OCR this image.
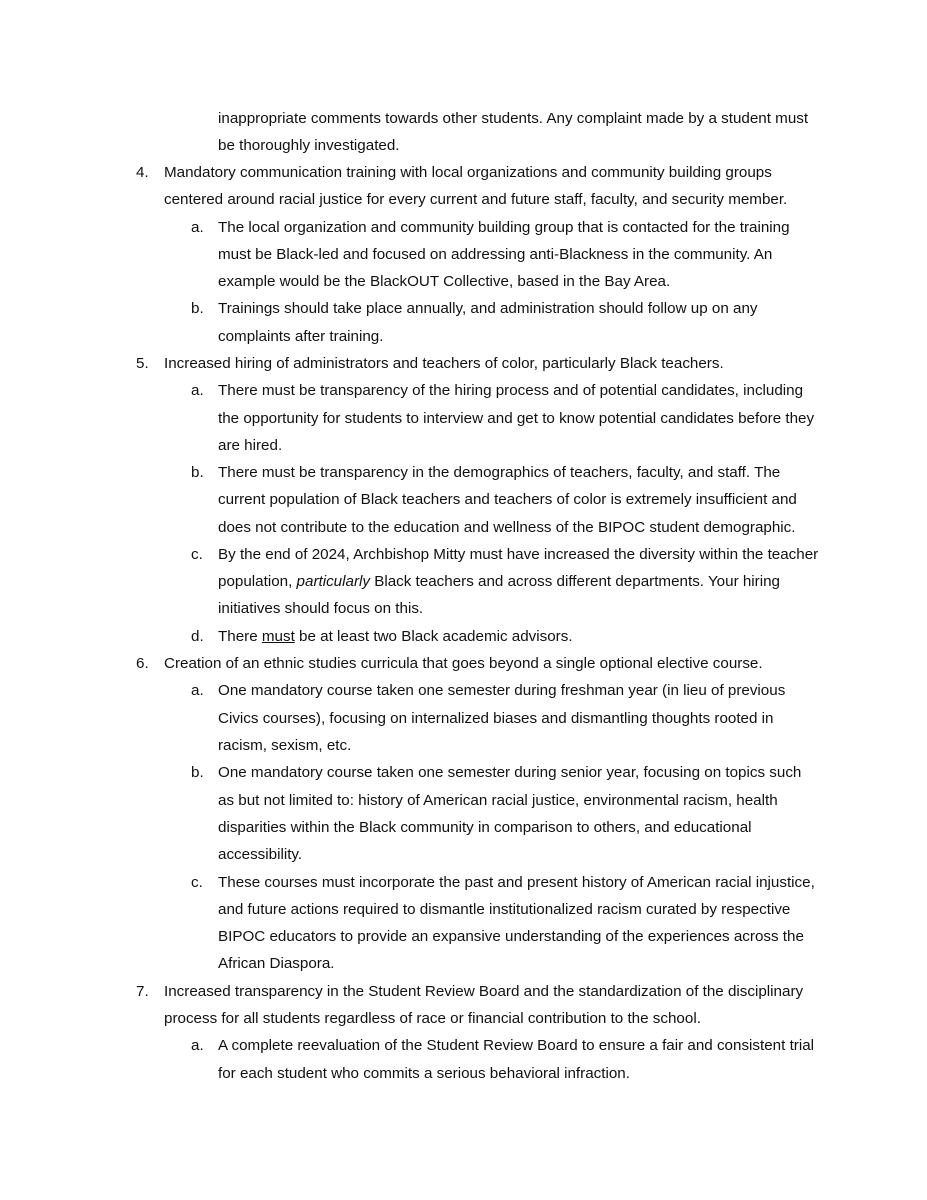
inappropriate comments towards other students. Any complaint made by a student must
be thoroughly investigated.
4. Mandatory communication training with local organizations and community building groups
centered around racial justice for every current and future staff, faculty, and security member.
a. The local organization and community building group that is contacted for the training
must be Black-led and focused on addressing anti-Blackness in the community. An
example would be the BlackOUT Collective, based in the Bay Area.
b. Trainings should take place annually, and administration should follow up on any
complaints after training.
5. Increased hiring of administrators and teachers of color, particularly Black teachers.
a. There must be transparency of the hiring process and of potential candidates, including
the opportunity for students to interview and get to know potential candidates before they
are hired.
b. There must be transparency in the demographics of teachers, faculty, and staff. The
current population of Black teachers and teachers of color is extremely insufficient and
does not contribute to the education and wellness of the BIPOC student demographic.
c. By the end of 2024, Archbishop Mitty must have increased the diversity within the teacher
population, particularly Black teachers and across different departments. Your hiring
initiatives should focus on this.
d. There must be at least two Black academic advisors.
6. Creation of an ethnic studies curricula that goes beyond a single optional elective course.
a. One mandatory course taken one semester during freshman year (in lieu of previous
Civics courses), focusing on internalized biases and dismantling thoughts rooted in
racism, sexism, etc.
b. One mandatory course taken one semester during senior year, focusing on topics such
as but not limited to: history of American racial justice, environmental racism, health
disparities within the Black community in comparison to others, and educational
accessibility.
c. These courses must incorporate the past and present history of American racial injustice,
and future actions required to dismantle institutionalized racism curated by respective
BIPOC educators to provide an expansive understanding of the experiences across the
African Diaspora.
7. Increased transparency in the Student Review Board and the standardization of the disciplinary
process for all students regardless of race or financial contribution to the school.
a. A complete reevaluation of the Student Review Board to ensure a fair and consistent trial
for each student who commits a serious behavioral infraction.
